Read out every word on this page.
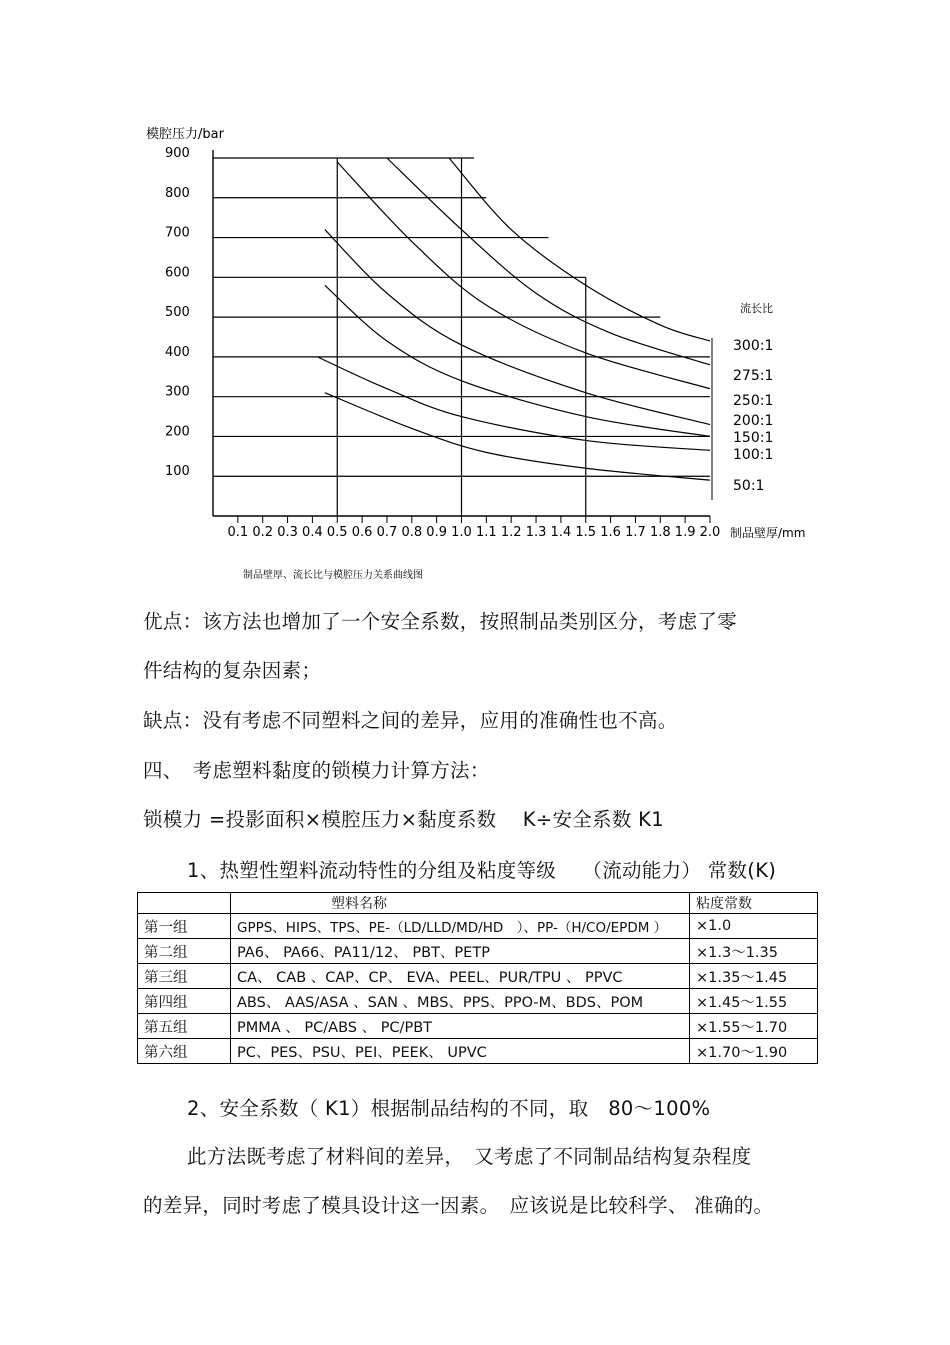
模腔压力/bar
900
800
700
600
500
400
300
200
100
0.1 0.2 0.3 0.4 0.5 0.6 0.7 0.8 0.9 1.0 1.1 1.2 1.3 1.4 1.5 1.6 1.7 1.8 1.9 2.0
300:1
275:1
250:1
200:1
150:1
100:1
50:1
流长比
制品壁厚/mm
制品壁厚、流长比与模腔压力关系曲线图
优点：该方法也增加了一个安全系数，按照制品类别区分，考虑了零
件结构的复杂因素；
缺点：没有考虑不同塑料之间的差异，应用的准确性也不高。
四、　考虑塑料黏度的锁模力计算方法：
锁模力 =投影面积×模腔压力×黏度系数　 K÷安全系数 K1
1、热塑性塑料流动特性的分组及粘度等级　 （流动能力） 常数(K)
	塑料名称	粘度常数
第一组	GPPS、HIPS、TPS、PE-（LD/LLD/MD/HD　）、PP-（H/CO/EPDM ）	×1.0
第二组	PA6、 PA66、PA11/12、 PBT、PETP	×1.3～1.35
第三组	CA、 CAB 、CAP、CP、 EVA、PEEL、PUR/TPU 、 PPVC	×1.35～1.45
第四组	ABS、 AAS/ASA 、SAN 、MBS、PPS、PPO-M、BDS、POM	×1.45～1.55
第五组	PMMA 、 PC/ABS 、 PC/PBT	×1.55～1.70
第六组	PC、PES、PSU、PEI、PEEK、 UPVC	×1.70～1.90
2、安全系数（ K1）根据制品结构的不同，取　80～100%
此方法既考虑了材料间的差异，　又考虑了不同制品结构复杂程度
的差异，同时考虑了模具设计这一因素。　应该说是比较科学、 准确的。
